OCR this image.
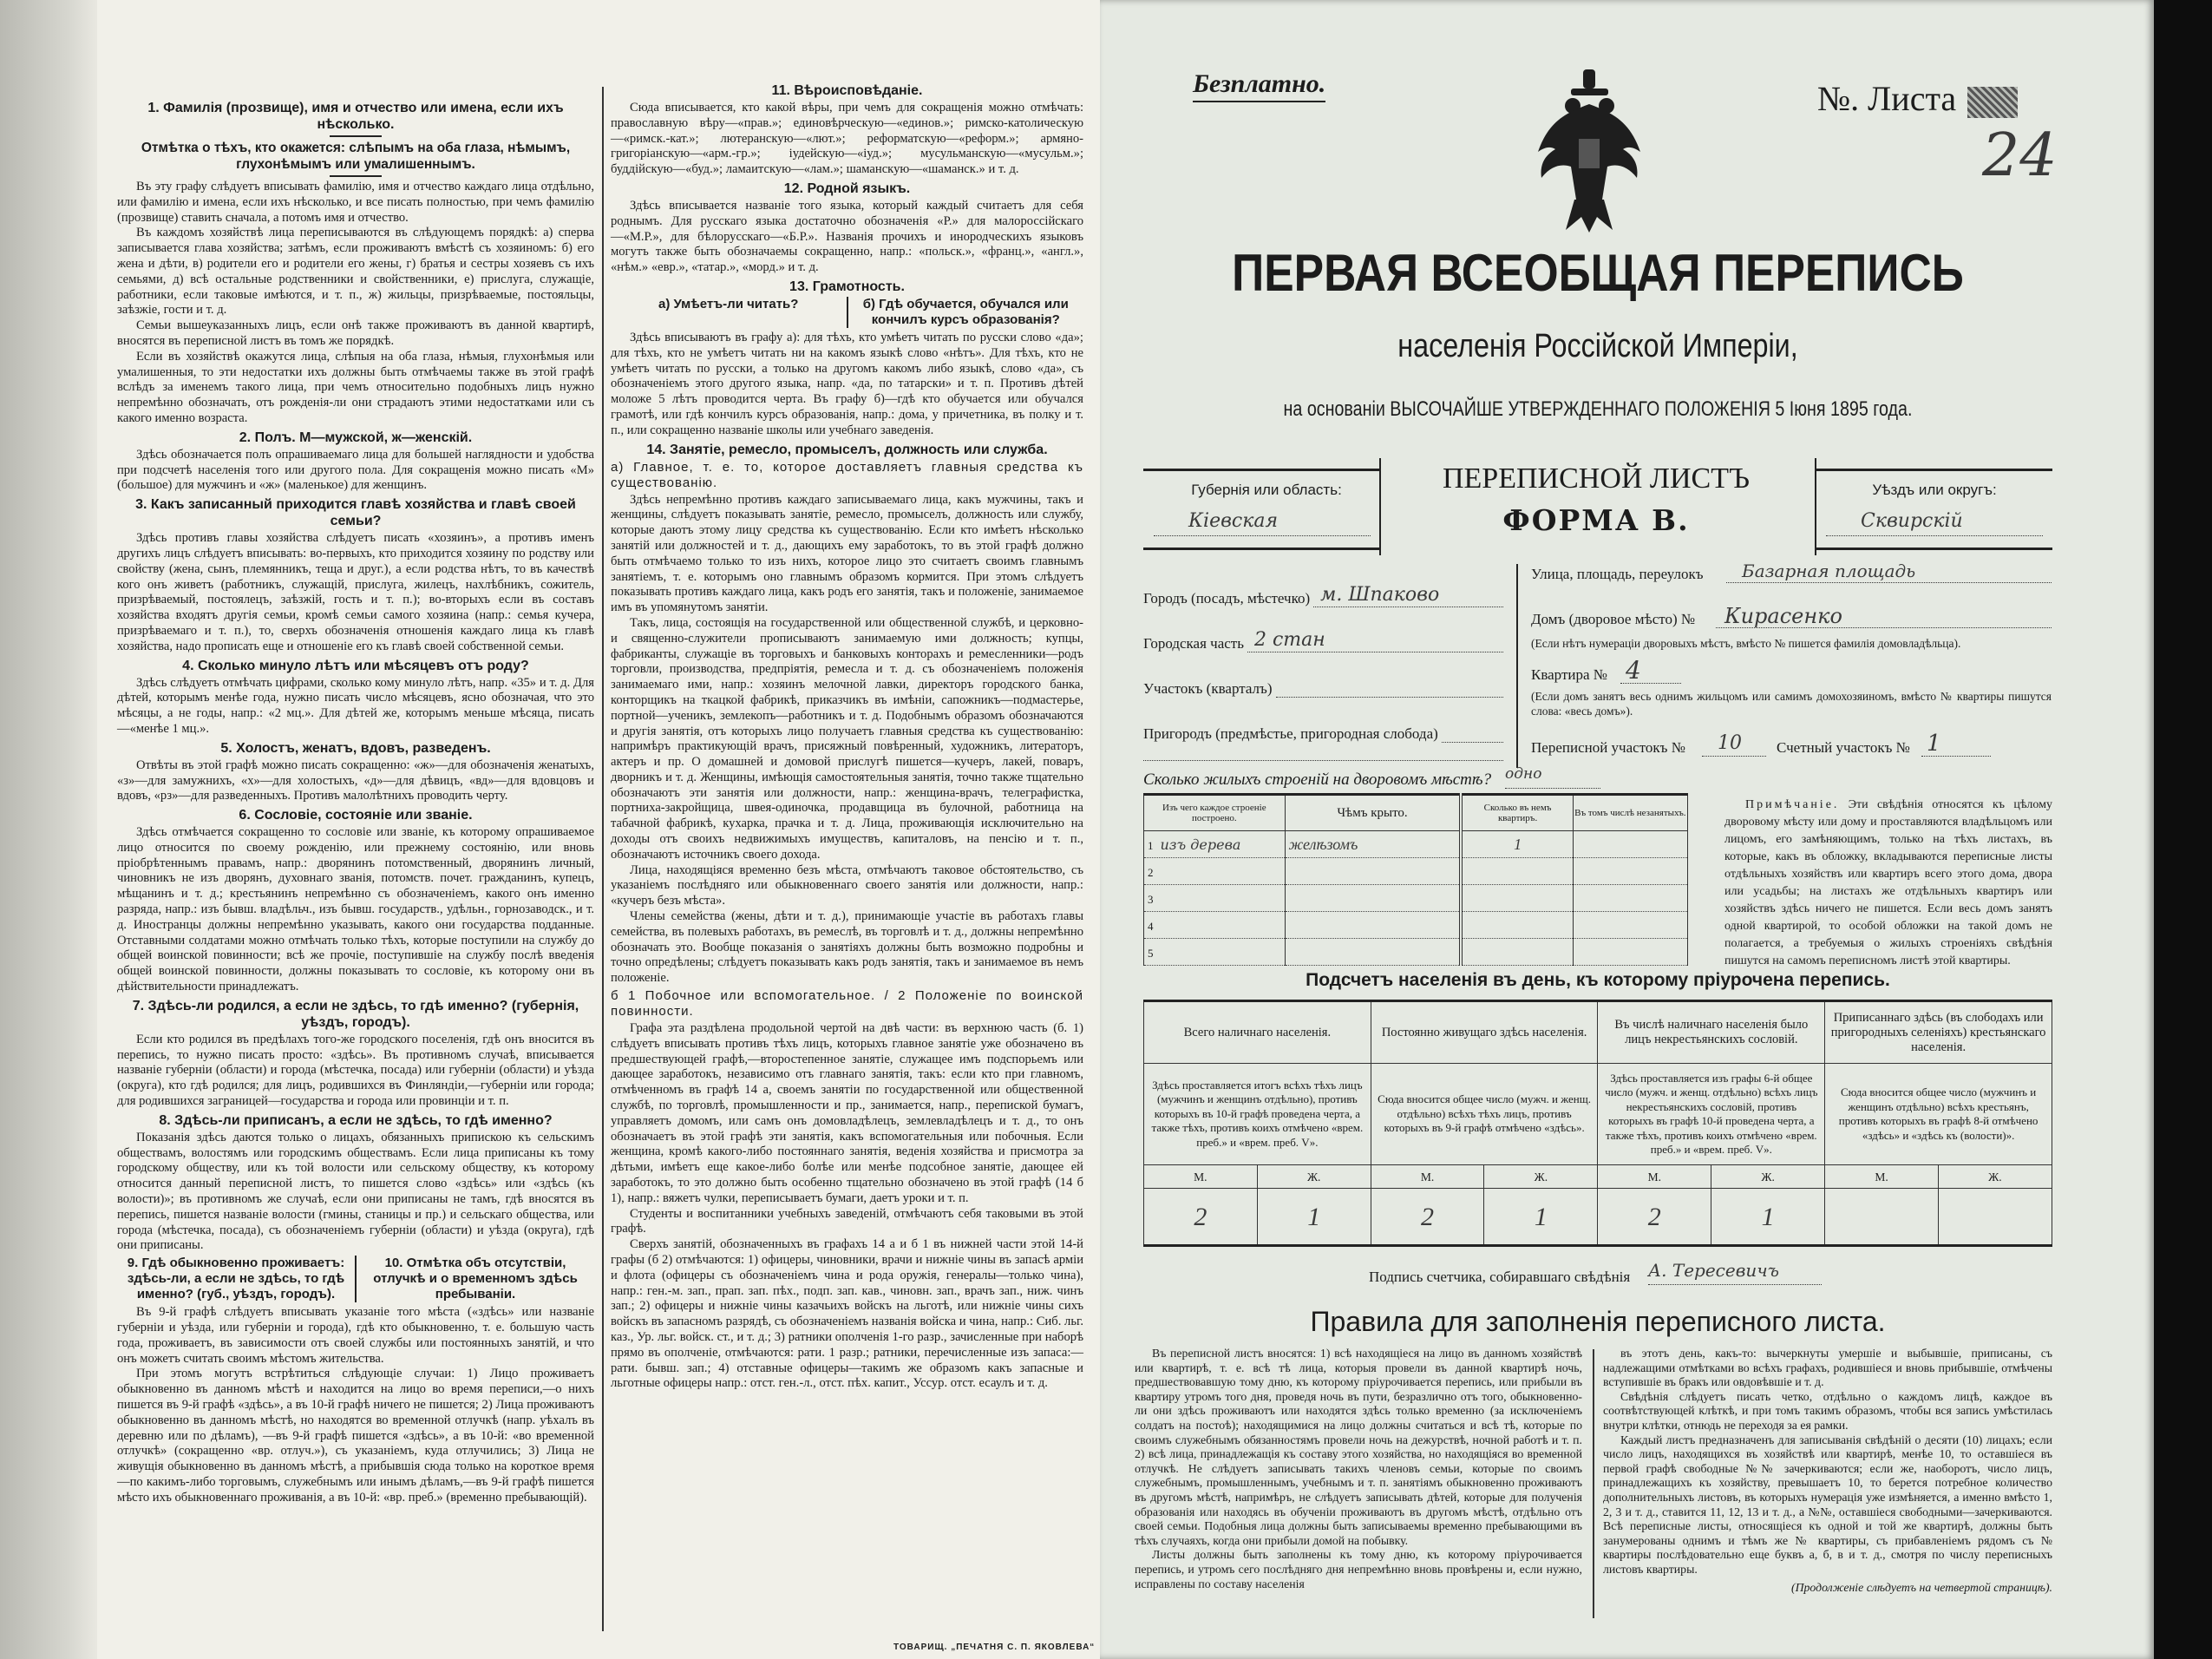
1. Фамилія (прозвище), имя и отчество или имена, если ихъ нѣсколько.
Отмѣтка о тѣхъ, кто окажется: слѣпымъ на оба глаза, нѣмымъ, глухонѣмымъ или умалишеннымъ.

Въ эту графу слѣдуетъ вписывать фамилію, имя и отчество каждаго лица отдѣльно, или фамилію и имена, если ихъ нѣсколько, и все писать полностью, при чемъ фамилію (прозвище) ставить сначала, а потомъ имя и отчество.

Въ каждомъ хозяйствѣ лица переписываются въ слѣдующемъ порядкѣ: а) сперва записывается глава хозяйства; затѣмъ, если проживаютъ вмѣстѣ съ хозяиномъ: б) его жена и дѣти, в) родители его и родители его жены, г) братья и сестры хозяевъ съ ихъ семьями, д) всѣ остальные родственники и свойственники, е) прислуга, служащіе, работники, если таковые имѣются, и т. п., ж) жильцы, призрѣваемые, постояльцы, заѣзжіе, гости и т. д.

Семьи вышеуказанныхъ лицъ, если онѣ также проживаютъ въ данной квартирѣ, вносятся въ переписной листъ въ томъ же порядкѣ.

Если въ хозяйствѣ окажутся лица, слѣпыя на оба глаза, нѣмыя, глухонѣмыя или умалишенныя, то эти недостатки ихъ должны быть отмѣчаемы также въ этой графѣ вслѣдъ за именемъ такого лица, при чемъ относительно подобныхъ лицъ нужно непремѣнно обозначать, отъ рожденія-ли они страдаютъ этими недостатками или съ какого именно возраста.

2. Полъ. М—мужской, ж—женскій.

Здѣсь обозначается полъ опрашиваемаго лица для большей наглядности и удобства при подсчетѣ населенія того или другого пола. Для сокращенія можно писать «М» (большое) для мужчинъ и «ж» (маленькое) для женщинъ.

3. Какъ записанный приходится главѣ хозяйства и главѣ своей семьи?

Здѣсь противъ главы хозяйства слѣдуетъ писать «хозяинъ», а противъ именъ другихъ лицъ слѣдуетъ вписывать: во-первыхъ, кто приходится хозяину по родству или свойству (жена, сынъ, племянникъ, теща и друг.), а если родства нѣтъ, то въ качествѣ кого онъ живетъ (работникъ, служащій, прислуга, жилецъ, нахлѣбникъ, сожитель, призрѣваемый, постоялецъ, заѣзжій, гость и т. п.); во-вторыхъ если въ составъ хозяйства входятъ другія семьи, кромѣ семьи самого хозяина (напр.: семья кучера, призрѣваемаго и т. п.), то, сверхъ обозначенія отношенія каждаго лица къ главѣ хозяйства, надо прописать еще и отношеніе его къ главѣ своей собственной семьи.

4. Сколько минуло лѣтъ или мѣсяцевъ отъ роду?

Здѣсь слѣдуетъ отмѣчать цифрами, сколько кому минуло лѣтъ, напр. «35» и т. д. Для дѣтей, которымъ менѣе года, нужно писать число мѣсяцевъ, ясно обозначая, что это мѣсяцы, а не годы, напр.: «2 мц.». Для дѣтей же, которымъ меньше мѣсяца, писать—«менѣе 1 мц.».

5. Холостъ, женатъ, вдовъ, разведенъ.

Отвѣты въ этой графѣ можно писать сокращенно: «ж»—для обозначенія женатыхъ, «з»—для замужнихъ, «х»—для холостыхъ, «д»—для дѣвицъ, «вд»—для вдовцовъ и вдовъ, «рз»—для разведенныхъ. Противъ малолѣтнихъ проводить черту.

6. Сословіе, состояніе или званіе.

Здѣсь отмѣчается сокращенно то сословіе или званіе, къ которому опрашиваемое лицо относится по своему рожденію, или прежнему состоянію, или вновь пріобрѣтеннымъ правамъ, напр.: дворянинъ потомственный, дворянинъ личный, чиновникъ не изъ дворянъ, духовнаго званія, потомств. почет. гражданинъ, купецъ, мѣщанинъ и т. д.; крестьянинъ непремѣнно съ обозначеніемъ, какого онъ именно разряда, напр.: изъ бывш. владѣльч., изъ бывш. государств., удѣльн., горнозаводск., и т. д. Иностранцы должны непремѣнно указывать, какого они государства подданные. Отставными солдатами можно отмѣчать только тѣхъ, которые поступили на службу до общей воинской повинности; всѣ же прочіе, поступившіе на службу послѣ введенія общей воинской повинности, должны показывать то сословіе, къ которому они въ дѣйствительности принадлежатъ.

7. Здѣсь-ли родился, а если не здѣсь, то гдѣ именно? (губернія, уѣздъ, городъ).

Если кто родился въ предѣлахъ того-же городского поселенія, гдѣ онъ вносится въ перепись, то нужно писать просто: «здѣсь». Въ противномъ случаѣ, вписывается названіе губерніи (области) и города (мѣстечка, посада) или губерніи (области) и уѣзда (округа), кто гдѣ родился; для лицъ, родившихся въ Финляндіи,—губерніи или города; для родившихся заграницей—государства и города или провинціи и т. п.

8. Здѣсь-ли приписанъ, а если не здѣсь, то гдѣ именно?

Показанія здѣсь даются только о лицахъ, обязанныхъ припискою къ сельскимъ обществамъ, волостямъ или городскимъ обществамъ. Если лица приписаны къ тому городскому обществу, или къ той волости или сельскому обществу, къ которому относится данный переписной листъ, то пишется слово «здѣсь» или «здѣсь (къ волости)»; въ противномъ же случаѣ, если они приписаны не тамъ, гдѣ вносятся въ перепись, пишется названіе волости (гмины, станицы и пр.) и сельскаго общества, или города (мѣстечка, посада), съ обозначеніемъ губерніи (области) и уѣзда (округа), гдѣ они приписаны.

9. Гдѣ обыкновенно проживаетъ: здѣсь-ли, а если не здѣсь, то гдѣ именно? (губ., уѣздъ, городъ).
10. Отмѣтка объ отсутствіи, отлучкѣ и о временномъ здѣсь пребываніи.

Въ 9-й графѣ слѣдуетъ вписывать указаніе того мѣста («здѣсь» или названіе губерніи и уѣзда, или губерніи и города), гдѣ кто обыкновенно, т. е. большую часть года, проживаетъ, въ зависимости отъ своей службы или постоянныхъ занятій, и что онъ можетъ считать своимъ мѣстомъ жительства.

При этомъ могутъ встрѣтиться слѣдующіе случаи: 1) Лицо проживаетъ обыкновенно въ данномъ мѣстѣ и находится на лицо во время переписи,—о нихъ пишется въ 9-й графѣ «здѣсь», а въ 10-й графѣ ничего не пишется; 2) Лица проживаютъ обыкновенно въ данномъ мѣстѣ, но находятся во временной отлучкѣ (напр. уѣхалъ въ деревню или по дѣламъ), —въ 9-й графѣ пишется «здѣсь», а въ 10-й: «во временной отлучкѣ» (сокращенно «вр. отлуч.»), съ указаніемъ, куда отлучились; 3) Лица не живущія обыкновенно въ данномъ мѣстѣ, а прибывшія сюда только на короткое время—по какимъ-либо торговымъ, служебнымъ или инымъ дѣламъ,—въ 9-й графѣ пишется мѣсто ихъ обыкновеннаго проживанія, а въ 10-й: «вр. преб.» (временно пребывающій).

11. Вѣроисповѣданіе.

Сюда вписывается, кто какой вѣры, при чемъ для сокращенія можно отмѣчать: православную вѣру—«прав.»; единовѣрческую—«единов.»; римско-католическую—«римск.-кат.»; лютеранскую—«лют.»; реформатскую—«реформ.»; армяно-григоріанскую—«арм.-гр.»; іудейскую—«іуд.»; мусульманскую—«мусульм.»; буддійскую—«буд.»; ламаитскую—«лам.»; шаманскую—«шаманск.» и т. д.

12. Родной языкъ.

Здѣсь вписывается названіе того языка, который каждый считаетъ для себя роднымъ. Для русскаго языка достаточно обозначенія «Р.» для малороссійскаго—«М.Р.», для бѣлорусскаго—«Б.Р.». Названія прочихъ и инородческихъ языковъ могутъ также быть обозначаемы сокращенно, напр.: «польск.», «франц.», «англ.», «нѣм.» «евр.», «татар.», «морд.» и т. д.

13. Грамотность.
а) Умѣетъ-ли читать?	б) Гдѣ обучается, обучался или кончилъ курсъ образованія?

Здѣсь вписываютъ въ графу а): для тѣхъ, кто умѣетъ читать по русски слово «да»; для тѣхъ, кто не умѣетъ читать ни на какомъ языкѣ слово «нѣтъ». Для тѣхъ, кто не умѣетъ читать по русски, а только на другомъ какомъ либо языкѣ, слово «да», съ обозначеніемъ этого другого языка, напр. «да, по татарски» и т. п. Противъ дѣтей моложе 5 лѣтъ проводится черта. Въ графу б)—гдѣ кто обучается или обучался грамотѣ, или гдѣ кончилъ курсъ образованія, напр.: дома, у причетника, въ полку и т. п., или сокращенно названіе школы или учебнаго заведенія.

14. Занятіе, ремесло, промыселъ, должность или служба.
а) Главное, т. е. то, которое доставляетъ главныя средства къ существованію.

Здѣсь непремѣнно противъ каждаго записываемаго лица, какъ мужчины, такъ и женщины, слѣдуетъ показывать занятіе, ремесло, промыселъ, должность или службу, которые даютъ этому лицу средства къ существованію. Если кто имѣетъ нѣсколько занятій или должностей и т. д., дающихъ ему заработокъ, то въ этой графѣ должно быть отмѣчаемо только то изъ нихъ, которое лицо это считаетъ своимъ главнымъ занятіемъ, т. е. которымъ оно главнымъ образомъ кормится. При этомъ слѣдуетъ показывать противъ каждаго лица, какъ родъ его занятія, такъ и положеніе, занимаемое имъ въ упомянутомъ занятіи.

Такъ, лица, состоящія на государственной или общественной службѣ, и церковно- и священно-служители прописываютъ занимаемую ими должность; купцы, фабриканты, служащіе въ торговыхъ и банковыхъ конторахъ и ремесленники—родъ торговли, производства, предпріятія, ремесла и т. д. съ обозначеніемъ положенія занимаемаго ими, напр.: хозяинъ мелочной лавки, директоръ городского банка, конторщикъ на ткацкой фабрикѣ, приказчикъ въ имѣніи, сапожникъ—подмастерье, портной—ученикъ, землекопъ—работникъ и т. д. Подобнымъ образомъ обозначаются и другія занятія, отъ которыхъ лицо получаетъ главныя средства къ существованію: напримѣръ практикующій врачъ, присяжный повѣренный, художникъ, литераторъ, актеръ и пр. О домашней и домовой прислугѣ пишется—кучеръ, лакей, поваръ, дворникъ и т. д. Женщины, имѣющія самостоятельныя занятія, точно также тщательно обозначаютъ эти занятія или должности, напр.: женщина-врачъ, телеграфистка, портниха-закройщица, швея-одиночка, продавщица въ булочной, работница на табачной фабрикѣ, кухарка, прачка и т. д. Лица, проживающія исключительно на доходы отъ своихъ недвижимыхъ имуществъ, капиталовъ, на пенсію и т. п., обозначаютъ источникъ своего дохода.

Лица, находящіяся временно безъ мѣста, отмѣчаютъ таковое обстоятельство, съ указаніемъ послѣдняго или обыкновеннаго своего занятія или должности, напр.: «кучеръ безъ мѣста».

Члены семейства (жены, дѣти и т. д.), принимающіе участіе въ работахъ главы семейства, въ полевыхъ работахъ, въ ремеслѣ, въ торговлѣ и т. д., должны непремѣнно обозначать это. Вообще показанія о занятіяхъ должны быть возможно подробны и точно опредѣлены; слѣдуетъ показывать какъ родъ занятія, такъ и занимаемое въ немъ положеніе.

б 1 Побочное или вспомогательное. / 2 Положеніе по воинской повинности.

Графа эта раздѣлена продольной чертой на двѣ части: въ верхнюю часть (б. 1) слѣдуетъ вписывать противъ тѣхъ лицъ, которыхъ главное занятіе уже обозначено въ предшествующей графѣ,—второстепенное занятіе, служащее имъ подспорьемъ или дающее заработокъ, независимо отъ главнаго занятія, такъ: если кто при главномъ, отмѣченномъ въ графѣ 14 а, своемъ занятіи по государственной или общественной службѣ, по торговлѣ, промышленности и пр., занимается, напр., перепиской бумагъ, управляетъ домомъ, или самъ онъ домовладѣлецъ, землевладѣлецъ и т. д., то онъ обозначаетъ въ этой графѣ эти занятія, какъ вспомогательныя или побочныя. Если женщина, кромѣ какого-либо постояннаго занятія, веденія хозяйства и присмотра за дѣтьми, имѣетъ еще какое-либо болѣе или менѣе подсобное занятіе, дающее ей заработокъ, то это должно быть особенно тщательно обозначено въ этой графѣ (14 б 1), напр.: вяжетъ чулки, переписываетъ бумаги, даетъ уроки и т. п.

Студенты и воспитанники учебныхъ заведеній, отмѣчаютъ себя таковыми въ этой графѣ.

Сверхъ занятій, обозначенныхъ въ графахъ 14 а и б 1 въ нижней части этой 14-й графы (б 2) отмѣчаются: 1) офицеры, чиновники, врачи и нижніе чины въ запасѣ арміи и флота (офицеры съ обозначеніемъ чина и рода оружія, генералы—только чина), напр.: ген.-м. зап., прап. зап. пѣх., подп. зап. кав., чиновн. зап., врачъ зап., ниж. чинъ зап.; 2) офицеры и нижніе чины казачьихъ войскъ на льготѣ, или нижніе чины сихъ войскъ въ запасномъ разрядѣ, съ обозначеніемъ названія войска и чина, напр.: Сиб. льг. каз., Ур. льг. войск. ст., и т. д.; 3) ратники ополченія 1-го разр., зачисленные при наборѣ прямо въ ополченіе, отмѣчаются: рати. 1 разр.; ратники, перечисленные изъ запаса:—рати. бывш. зап.; 4) отставные офицеры—такимъ же образомъ какъ запасные и льготные офицеры напр.: отст. ген.-л., отст. пѣх. капит., Уссур. отст. есаулъ и т. д.

ТОВАРИЩ. „ПЕЧАТНЯ С. П. ЯКОВЛЕВА“
Безплатно.	№. Листа
24
ПЕРВАЯ ВСЕОБЩАЯ ПЕРЕПИСЬ
населенія Россійской Имперіи,
на основаніи ВЫСОЧАЙШЕ УТВЕРЖДЕННАГО ПОЛОЖЕНІЯ 5 Іюня 1895 года.
ПЕРЕПИСНОЙ ЛИСТЪ
ФОРМА В.
Губернія или область:
Кіевская
Уѣздъ или округъ:
Сквирскій
Городъ (посадъ, мѣстечко) м. Шпаково
Городская часть 2 стан
Участокъ (кварталъ)
Пригородъ (предмѣстье, пригородная слобода)
Улица, площадь, переулокъ	Базарная площадь
Домъ (дворовое мѣсто) №	Кирасенко
(Если нѣтъ нумераціи дворовыхъ мѣстъ, вмѣсто № пишется фамилія домовладѣльца).
Квартира № 4
(Если домъ занятъ весь однимъ жильцомъ или самимъ домохозяиномъ, вмѣсто № квартиры пишутся слова: «весь домъ»).
Переписной участокъ №	10	Счетный участокъ № 1
Сколько жилыхъ строеній на дворовомъ мѣстѣ? одно
Изъ чего каждое строеніе построено.	Чѣмъ крыто.	Сколько въ немъ квартиръ.	Въ томъ числѣ незанятыхъ.
1 изъ дерева	желѣзомъ	1	
2			
3			
4			
5			
Примѣчаніе. Эти свѣдѣнія относятся къ цѣлому дворовому мѣсту или дому и проставляются владѣльцомъ или лицомъ, его замѣняющимъ, только на тѣхъ листахъ, въ которые, какъ въ обложку, вкладываются переписные листы отдѣльныхъ хозяйствъ или квартиръ всего этого дома, двора или усадьбы; на листахъ же отдѣльныхъ квартиръ или хозяйствъ здѣсь ничего не пишется. Если весь домъ занятъ одной квартирой, то особой обложки на такой домъ не полагается, а требуемыя о жилыхъ строеніяхъ свѣдѣнія пишутся на самомъ переписномъ листѣ этой квартиры.
Подсчетъ населенія въ день, къ которому пріурочена перепись.
Всего наличнаго населенія.		Постоянно живущаго здѣсь населенія.		Въ числѣ наличнаго населенія было лицъ некрестьянскихъ сословій.		Приписаннаго здѣсь (въ слободахъ или пригородныхъ селеніяхъ) крестьянскаго населенія.	
Здѣсь проставляется итогъ всѣхъ тѣхъ лицъ (мужчинъ и женщинъ отдѣльно), противъ которыхъ въ 10-й графѣ проведена черта, а также тѣхъ, противъ коихъ отмѣчено «врем. преб.» и «врем. преб. V».		Сюда вносится общее число (мужч. и женщ. отдѣльно) всѣхъ тѣхъ лицъ, противъ которыхъ въ 9-й графѣ отмѣчено «здѣсь».		Здѣсь проставляется изъ графы 6-й общее число (мужч. и женщ. отдѣльно) всѣхъ лицъ некрестьянскихъ сословій, противъ которыхъ въ графѣ 10-й проведена черта, а также тѣхъ, противъ коихъ отмѣчено «врем. преб.» и «врем. преб. V».		Сюда вносится общее число (мужчинъ и женщинъ отдѣльно) всѣхъ крестьянъ, противъ которыхъ въ графѣ 8-й отмѣчено «здѣсь» и «здѣсь къ (волости)».	
М.	Ж.	М.	Ж.	М.	Ж.	М.	Ж.
2	1	2	1	2	1		
Подпись счетчика, собиравшаго свѣдѣнія А. Тересевичъ
Правила для заполненія переписного листа.

Въ переписной листъ вносятся: 1) всѣ находящіеся на лицо въ данномъ хозяйствѣ или квартирѣ, т. е. всѣ тѣ лица, которыя провели въ данной квартирѣ ночь, предшествовавшую тому дню, къ которому пріурочивается перепись, или прибыли въ квартиру утромъ того дня, проведя ночь въ пути, безразлично отъ того, обыкновенно-ли они здѣсь проживаютъ или находятся здѣсь только временно (за исключеніемъ солдатъ на постоѣ); находящимися на лицо должны считаться и всѣ тѣ, которые по своимъ служебнымъ обязанностямъ провели ночь на дежурствѣ, ночной работѣ и т. п. 2) всѣ лица, принадлежащія къ составу этого хозяйства, но находящіяся во временной отлучкѣ. Не слѣдуетъ записывать такихъ членовъ семьи, которые по своимъ служебнымъ, промышленнымъ, учебнымъ и т. п. занятіямъ обыкновенно проживаютъ въ другомъ мѣстѣ, напримѣръ, не слѣдуетъ записывать дѣтей, которые для полученія образованія или находясь въ обученіи проживаютъ въ другомъ мѣстѣ, отдѣльно отъ своей семьи. Подобныя лица должны быть записываемы временно пребывающими въ тѣхъ случаяхъ, когда они прибыли домой на побывку.

Листы должны быть заполнены къ тому дню, къ которому пріурочивается перепись, и утромъ сего послѣдняго дня непремѣнно вновь провѣрены и, если нужно, исправлены по составу населенія

въ этотъ день, какъ-то: вычеркнуты умершіе и выбывшіе, приписаны, съ надлежащими отмѣтками во всѣхъ графахъ, родившіеся и вновь прибывшіе, отмѣчены вступившіе въ бракъ или овдовѣвшіе и т. д.

Свѣдѣнія слѣдуетъ писать четко, отдѣльно о каждомъ лицѣ, каждое въ соотвѣтствующей клѣткѣ, и при томъ такимъ образомъ, чтобы вся запись умѣстилась внутри клѣтки, отнюдь не переходя за ея рамки.

Каждый листъ предназначенъ для записыванія свѣдѣній о десяти (10) лицахъ; если число лицъ, находящихся въ хозяйствѣ или квартирѣ, менѣе 10, то оставшіеся въ первой графѣ свободные №№ зачеркиваются; если же, наоборотъ, число лицъ, принадлежащихъ къ хозяйству, превышаетъ 10, то берется потребное количество дополнительныхъ листовъ, въ которыхъ нумерація уже измѣняется, а именно вмѣсто 1, 2, 3 и т. д., ставится 11, 12, 13 и т. д., а №№, оставшіеся свободными—зачеркиваются. Всѣ переписные листы, относящіеся къ одной и той же квартирѣ, должны быть занумерованы однимъ и тѣмъ же № квартиры, съ прибавленіемъ рядомъ съ № квартиры послѣдовательно еще буквъ а, б, в и т. д., смотря по числу переписныхъ листовъ квартиры.

(Продолженіе слѣдуетъ на четвертой страницѣ).
